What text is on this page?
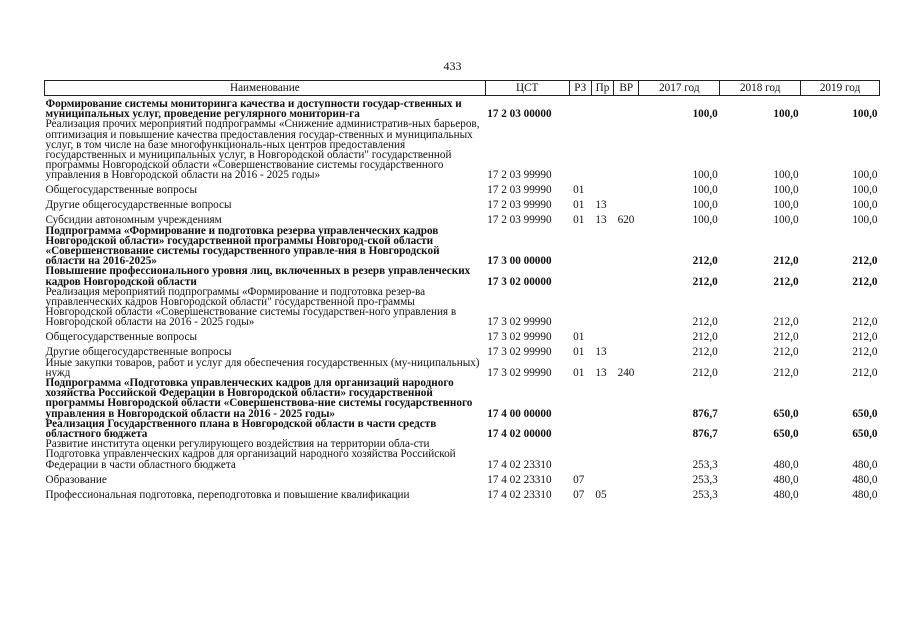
433
Наименование	ЦСТ	РЗ	Пр	ВР	2017 год	2018 год	2019 год
Формирование системы мониторинга качества и доступности государ-ственных и муниципальных услуг, проведение регулярного мониторин-га	17 2 03 00000				100,0	100,0	100,0
Реализация прочих мероприятий подпрограммы «Снижение административ-ных барьеров, оптимизация и повышение качества предоставления государ-ственных и муниципальных услуг, в том числе на базе многофункциональ-ных центров предоставления государственных и муниципальных услуг, в Новгородской области" государственной программы Новгородской области «Совершенствование системы государственного управления в Новгородской области на 2016 - 2025 годы»	17 2 03 99990				100,0	100,0	100,0
Общегосударственные вопросы	17 2 03 99990	01			100,0	100,0	100,0
Другие общегосударственные вопросы	17 2 03 99990	01	13		100,0	100,0	100,0
Субсидии автономным учреждениям	17 2 03 99990	01	13	620	100,0	100,0	100,0
Подпрограмма «Формирование и подготовка резерва управленческих кадров Новгородской области» государственной программы Новгород-ской области «Совершенствование системы государственного управле-ния в Новгородской области на 2016-2025»	17 3 00 00000				212,0	212,0	212,0
Повышение профессионального уровня лиц, включенных в резерв управленческих кадров Новгородской области	17 3 02 00000				212,0	212,0	212,0
Реализация мероприятий подпрограммы «Формирование и подготовка резер-ва управленческих кадров Новгородской области" государственной про-граммы Новгородской области «Совершенствование системы государствен-ного управления в Новгородской области на 2016 - 2025 годы»	17 3 02 99990				212,0	212,0	212,0
Общегосударственные вопросы	17 3 02 99990	01			212,0	212,0	212,0
Другие общегосударственные вопросы	17 3 02 99990	01	13		212,0	212,0	212,0
Иные закупки товаров, работ и услуг для обеспечения государственных (му-ниципальных) нужд	17 3 02 99990	01	13	240	212,0	212,0	212,0
Подпрограмма «Подготовка управленческих кадров для организаций народного хозяйства Российской Федерации в Новгородской области» государственной программы Новгородской области «Совершенствова-ние системы государственного управления в Новгородской области на 2016 - 2025 годы»	17 4 00 00000				876,7	650,0	650,0
Реализация Государственного плана в Новгородской области в части средств областного бюджета	17 4 02 00000				876,7	650,0	650,0
Развитие института оценки регулирующего воздействия на территории обла-сти Подготовка управленческих кадров для организаций народного хозяйства Российской Федерации в части областного бюджета	17 4 02 23310				253,3	480,0	480,0
Образование	17 4 02 23310	07			253,3	480,0	480,0
Профессиональная подготовка, переподготовка и повышение квалификации	17 4 02 23310	07	05		253,3	480,0	480,0
